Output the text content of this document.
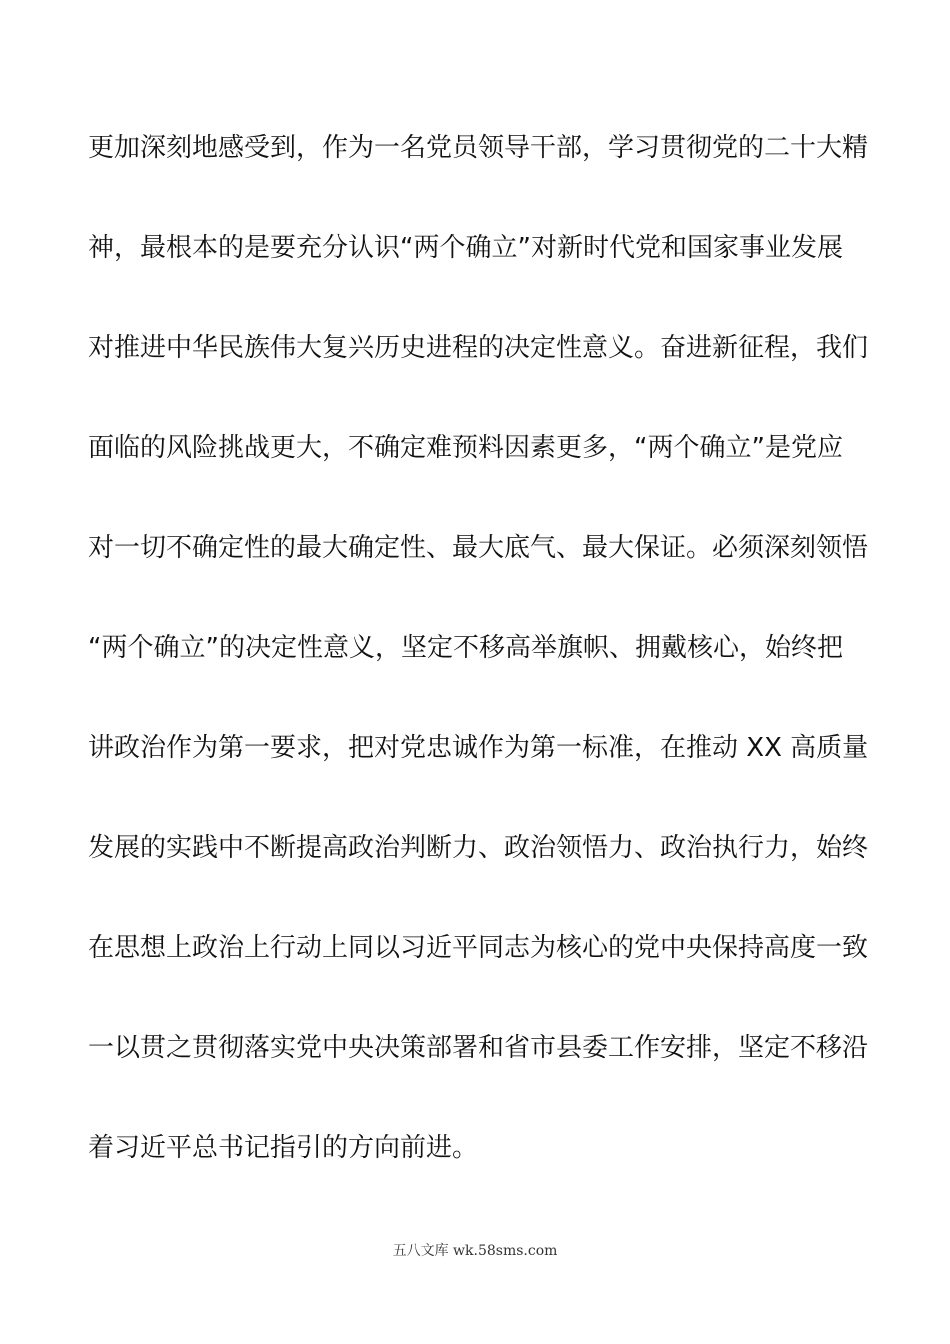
更加深刻地感受到，作为一名党员领导干部，学习贯彻党的二十大精
神，最根本的是要充分认识“两个确立”对新时代党和国家事业发展
对推进中华民族伟大复兴历史进程的决定性意义。奋进新征程，我们
面临的风险挑战更大，不确定难预料因素更多，“两个确立”是党应
对一切不确定性的最大确定性、最大底气、最大保证。必须深刻领悟
“两个确立”的决定性意义，坚定不移高举旗帜、拥戴核心，始终把
讲政治作为第一要求，把对党忠诚作为第一标准，在推动 XX 高质量
发展的实践中不断提高政治判断力、政治领悟力、政治执行力，始终
在思想上政治上行动上同以习近平同志为核心的党中央保持高度一致
一以贯之贯彻落实党中央决策部署和省市县委工作安排，坚定不移沿
着习近平总书记指引的方向前进。
五八文库 wk.58sms.com
